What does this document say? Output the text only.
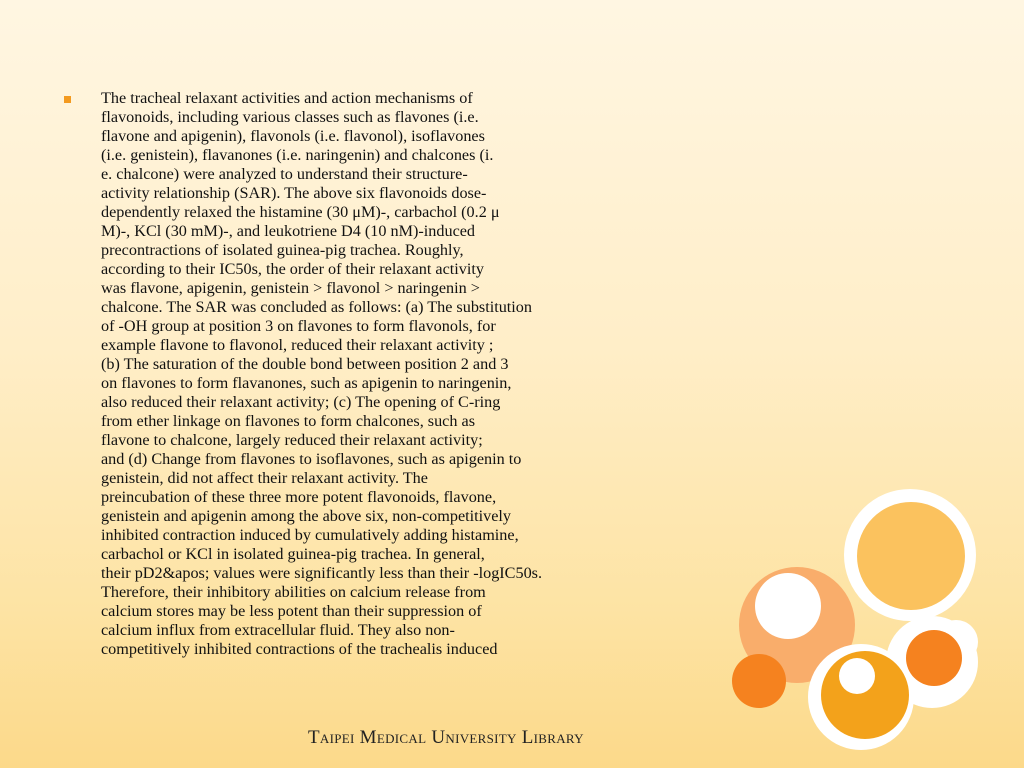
The tracheal relaxant activities and action mechanisms of
flavonoids, including various classes such as flavones (i.e.
flavone and apigenin), flavonols (i.e. flavonol), isoflavones
(i.e. genistein), flavanones (i.e. naringenin) and chalcones (i.
e. chalcone) were analyzed to understand their structure-
activity relationship (SAR). The above six flavonoids dose-
dependently relaxed the histamine (30 μM)-, carbachol (0.2 μ
M)-, KCl (30 mM)-, and leukotriene D4 (10 nM)-induced
precontractions of isolated guinea-pig trachea. Roughly,
according to their IC50s, the order of their relaxant activity
was flavone, apigenin, genistein > flavonol > naringenin >
chalcone. The SAR was concluded as follows: (a) The substitution
of -OH group at position 3 on flavones to form flavonols, for
example flavone to flavonol, reduced their relaxant activity ;
(b) The saturation of the double bond between position 2 and 3
on flavones to form flavanones, such as apigenin to naringenin,
also reduced their relaxant activity; (c) The opening of C-ring
from ether linkage on flavones to form chalcones, such as
flavone to chalcone, largely reduced their relaxant activity;
and (d) Change from flavones to isoflavones, such as apigenin to
genistein, did not affect their relaxant activity. The
preincubation of these three more potent flavonoids, flavone,
genistein and apigenin among the above six, non-competitively
inhibited contraction induced by cumulatively adding histamine,
carbachol or KCl in isolated guinea-pig trachea. In general,
their pD2&apos; values were significantly less than their -logIC50s.
Therefore, their inhibitory abilities on calcium release from
calcium stores may be less potent than their suppression of
calcium influx from extracellular fluid. They also non-
competitively inhibited contractions of the trachealis induced
Taipei Medical University Library
